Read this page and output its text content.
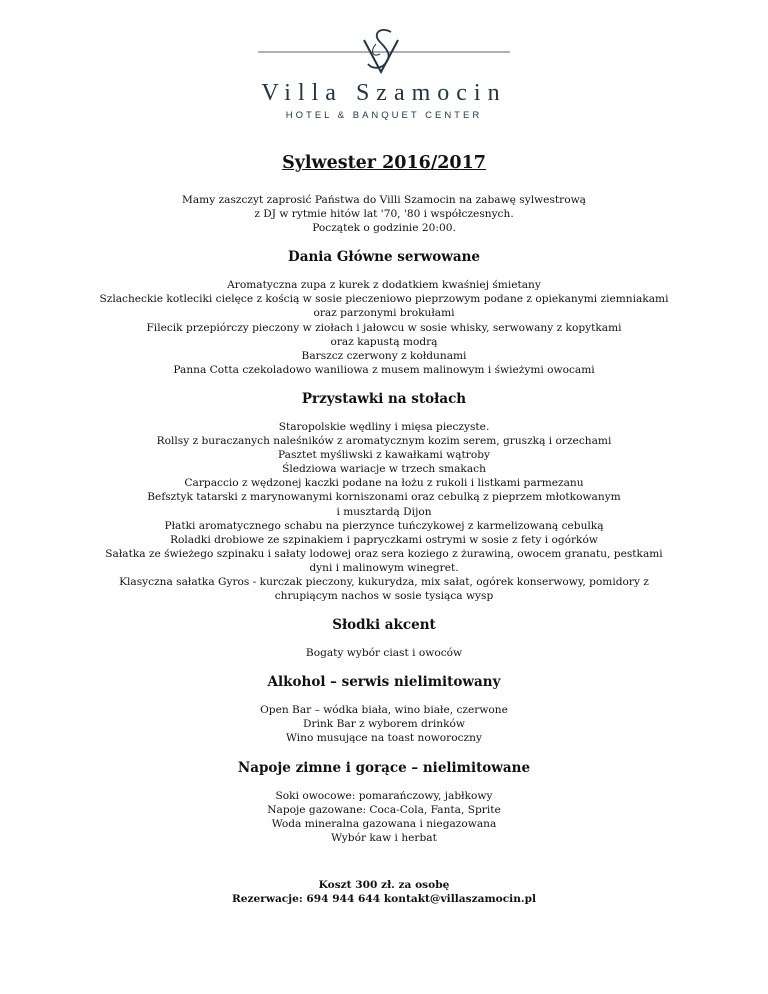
Villa Szamocin
HOTEL & BANQUET CENTER
Sylwester 2016/2017

Mamy zaszczyt zaprosić Państwa do Villi Szamocin na zabawę sylwestrową

z DJ w rytmie hitów lat '70, '80 i współczesnych.

Początek o godzinie 20:00.

Dania Główne serwowane

Aromatyczna zupa z kurek z dodatkiem kwaśniej śmietany

Szlacheckie kotleciki cielęce z kością w sosie pieczeniowo pieprzowym podane z opiekanymi ziemniakami

oraz parzonymi brokułami

Filecik przepiórczy pieczony w ziołach i jałowcu w sosie whisky, serwowany z kopytkami

oraz kapustą modrą

Barszcz czerwony z kołdunami

Panna Cotta czekoladowo waniliowa z musem malinowym i świeżymi owocami

Przystawki na stołach

Staropolskie wędliny i mięsa pieczyste.

Rollsy z buraczanych naleśników z aromatycznym kozim serem, gruszką i orzechami

Pasztet myśliwski z kawałkami wątroby

Śledziowa wariacje w trzech smakach

Carpaccio z wędzonej kaczki podane na łożu z rukoli i listkami parmezanu

Befsztyk tatarski z marynowanymi korniszonami oraz cebulką z pieprzem młotkowanym

i musztardą Dijon

Płatki aromatycznego schabu na pierzynce tuńczykowej z karmelizowaną cebulką

Roladki drobiowe ze szpinakiem i papryczkami ostrymi w sosie z fety i ogórków

Sałatka ze świeżego szpinaku i sałaty lodowej oraz sera koziego z żurawiną, owocem granatu, pestkami

dyni i malinowym winegret.

Klasyczna sałatka Gyros - kurczak pieczony, kukurydza, mix sałat, ogórek konserwowy, pomidory z

chrupiącym nachos w sosie tysiąca wysp

Słodki akcent

Bogaty wybór ciast i owoców

Alkohol – serwis nielimitowany

Open Bar – wódka biała, wino białe, czerwone

Drink Bar z wyborem drinków

Wino musujące na toast noworoczny

Napoje zimne i gorące – nielimitowane

Soki owocowe: pomarańczowy, jabłkowy

Napoje gazowane: Coca-Cola, Fanta, Sprite

Woda mineralna gazowana i niegazowana

Wybór kaw i herbat

Koszt 300 zł. za osobę

Rezerwacje: 694 944 644 kontakt@villaszamocin.pl
